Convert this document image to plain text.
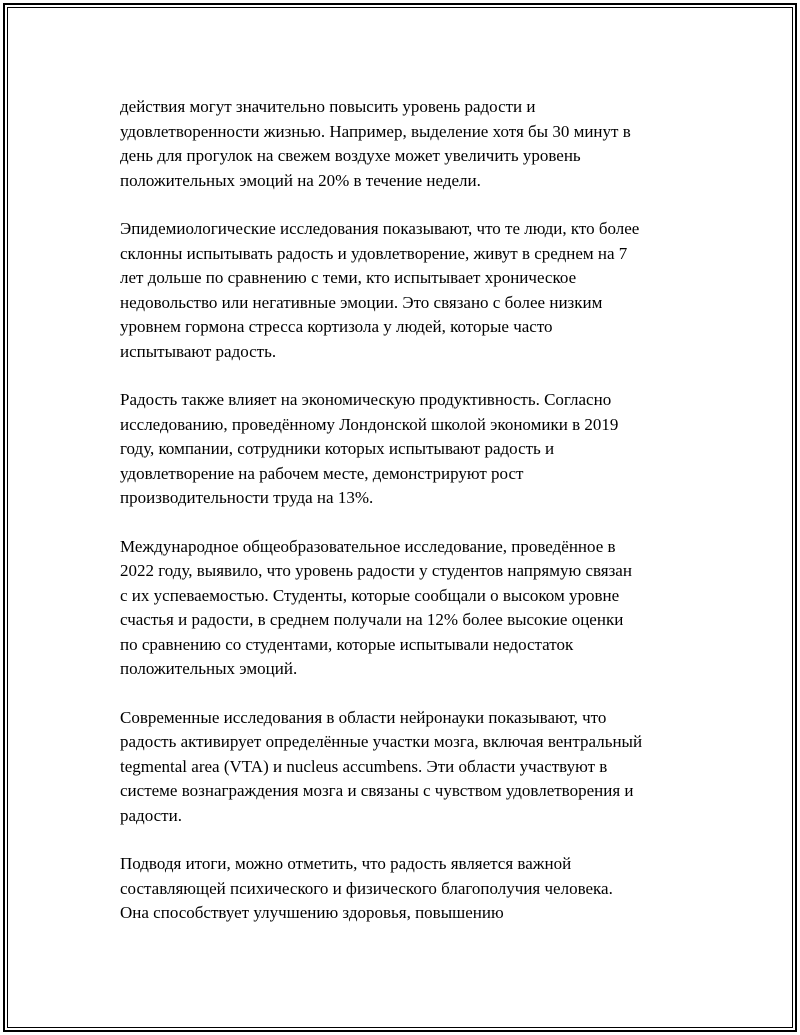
действия могут значительно повысить уровень радости и
удовлетворенности жизнью. Например, выделение хотя бы 30 минут в
день для прогулок на свежем воздухе может увеличить уровень
положительных эмоций на 20% в течение недели.

Эпидемиологические исследования показывают, что те люди, кто более
склонны испытывать радость и удовлетворение, живут в среднем на 7
лет дольше по сравнению с теми, кто испытывает хроническое
недовольство или негативные эмоции. Это связано с более низким
уровнем гормона стресса кортизола у людей, которые часто
испытывают радость.

Радость также влияет на экономическую продуктивность. Согласно
исследованию, проведённому Лондонской школой экономики в 2019
году, компании, сотрудники которых испытывают радость и
удовлетворение на рабочем месте, демонстрируют рост
производительности труда на 13%.

Международное общеобразовательное исследование, проведённое в
2022 году, выявило, что уровень радости у студентов напрямую связан
с их успеваемостью. Студенты, которые сообщали о высоком уровне
счастья и радости, в среднем получали на 12% более высокие оценки
по сравнению со студентами, которые испытывали недостаток
положительных эмоций.

Современные исследования в области нейронауки показывают, что
радость активирует определённые участки мозга, включая вентральный
tegmental area (VTA) и nucleus accumbens. Эти области участвуют в
системе вознаграждения мозга и связаны с чувством удовлетворения и
радости.

Подводя итоги, можно отметить, что радость является важной
составляющей психического и физического благополучия человека.
Она способствует улучшению здоровья, повышению
